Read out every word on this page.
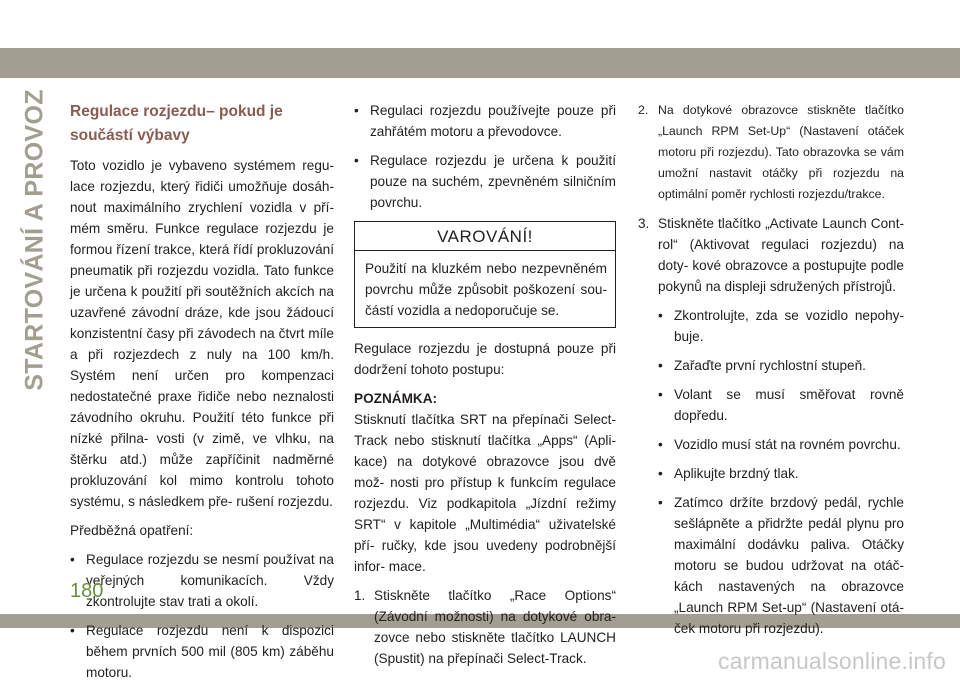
STARTOVÁNÍ A PROVOZ Regulace rozjezdu– pokud je součástí výbavy

Toto vozidlo je vybaveno systémem regu- lace rozjezdu, který řidiči umožňuje dosáh- nout maximálního zrychlení vozidla v pří- mém směru. Funkce regulace rozjezdu je formou řízení trakce, která řídí prokluzování pneumatik při rozjezdu vozidla. Tato funkce je určena k použití při soutěžních akcích na uzavřené závodní dráze, kde jsou žádoucí konzistentní časy při závodech na čtvrt míle a při rozjezdech z nuly na 100 km/h. Systém není určen pro kompenzaci nedostatečné praxe řidiče nebo neznalosti závodního okruhu. Použití této funkce při nízké přilna- vosti (v zimě, ve vlhku, na štěrku atd.) může zapříčinit nadměrné prokluzování kol mimo kontrolu tohoto systému, s následkem pře- rušení rozjezdu.

Předběžná opatření:

• Regulace rozjezdu se nesmí používat na veřejných komunikacích. Vždy zkontrolujte stav trati a okolí.
• Regulace rozjezdu není k dispozici během prvních 500 mil (805 km) záběhu motoru.
• Regulaci rozjezdu používejte pouze při zahřátém motoru a převodovce.
• Regulace rozjezdu je určena k použití pouze na suchém, zpevněném silničním povrchu.
VAROVÁNÍ!
Použití na kluzkém nebo nezpevněném povrchu může způsobit poškození sou- částí vozidla a nedoporučuje se.

Regulace rozjezdu je dostupná pouze při dodržení tohoto postupu:

POZNÁMKA:

Stisknutí tlačítka SRT na přepínači Select- Track nebo stisknutí tlačítka „Apps“ (Apli- kace) na dotykové obrazovce jsou dvě mož- nosti pro přístup k funkcím regulace rozjezdu. Viz podkapitola „Jízdní režimy SRT“ v kapitole „Multimédia“ uživatelské pří- ručky, kde jsou uvedeny podrobnější infor- mace.

1. Stiskněte tlačítko „Race Options“ (Závodní možnosti) na dotykové obra- zovce nebo stiskněte tlačítko LAUNCH (Spustit) na přepínači Select-Track.
2. Na dotykové obrazovce stiskněte tlačítko „Launch RPM Set-Up“ (Nastavení otáček motoru při rozjezdu). Tato obrazovka se vám umožní nastavit otáčky při rozjezdu na optimální poměr rychlosti rozjezdu/trakce.
3. Stiskněte tlačítko „Activate Launch Cont- rol“ (Aktivovat regulaci rozjezdu) na doty- kové obrazovce a postupujte podle pokynů na displeji sdružených přístrojů.
• Zkontrolujte, zda se vozidlo nepohy- buje.
• Zařaďte první rychlostní stupeň.
• Volant se musí směřovat rovně dopředu.
• Vozidlo musí stát na rovném povrchu.
• Aplikujte brzdný tlak.
• Zatímco držíte brzdový pedál, rychle sešlápněte a přidržte pedál plynu pro maximální dodávku paliva. Otáčky motoru se budou udržovat na otáč- kách nastavených na obrazovce „Launch RPM Set-up“ (Nastavení otá- ček motoru při rozjezdu).
180
carmanualsonline.info
